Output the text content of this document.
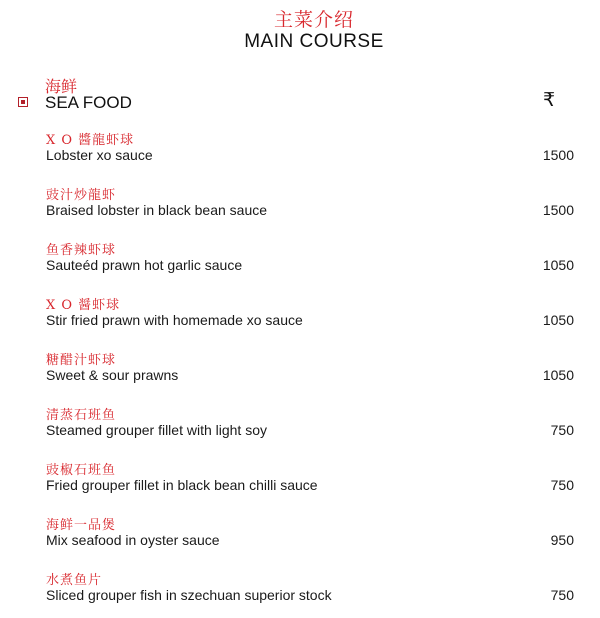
主菜介绍
MAIN COURSE
海鲜
SEA FOOD	₹
X O 醬龍虾球
Lobster xo sauce	1500
豉汁炒龍虾
Braised lobster in black bean sauce	1500
鱼香辣虾球
Sauteéd prawn hot garlic sauce	1050
X O 醤虾球
Stir fried prawn with homemade xo sauce	1050
糖醋汁虾球
Sweet & sour prawns	1050
清蒸石班鱼
Steamed grouper fillet with light soy	750
豉椒石班鱼
Fried grouper fillet in black bean chilli sauce	750
海鲜一品煲
Mix seafood in oyster sauce	950
水煮鱼片
Sliced grouper fish in szechuan superior stock	750
